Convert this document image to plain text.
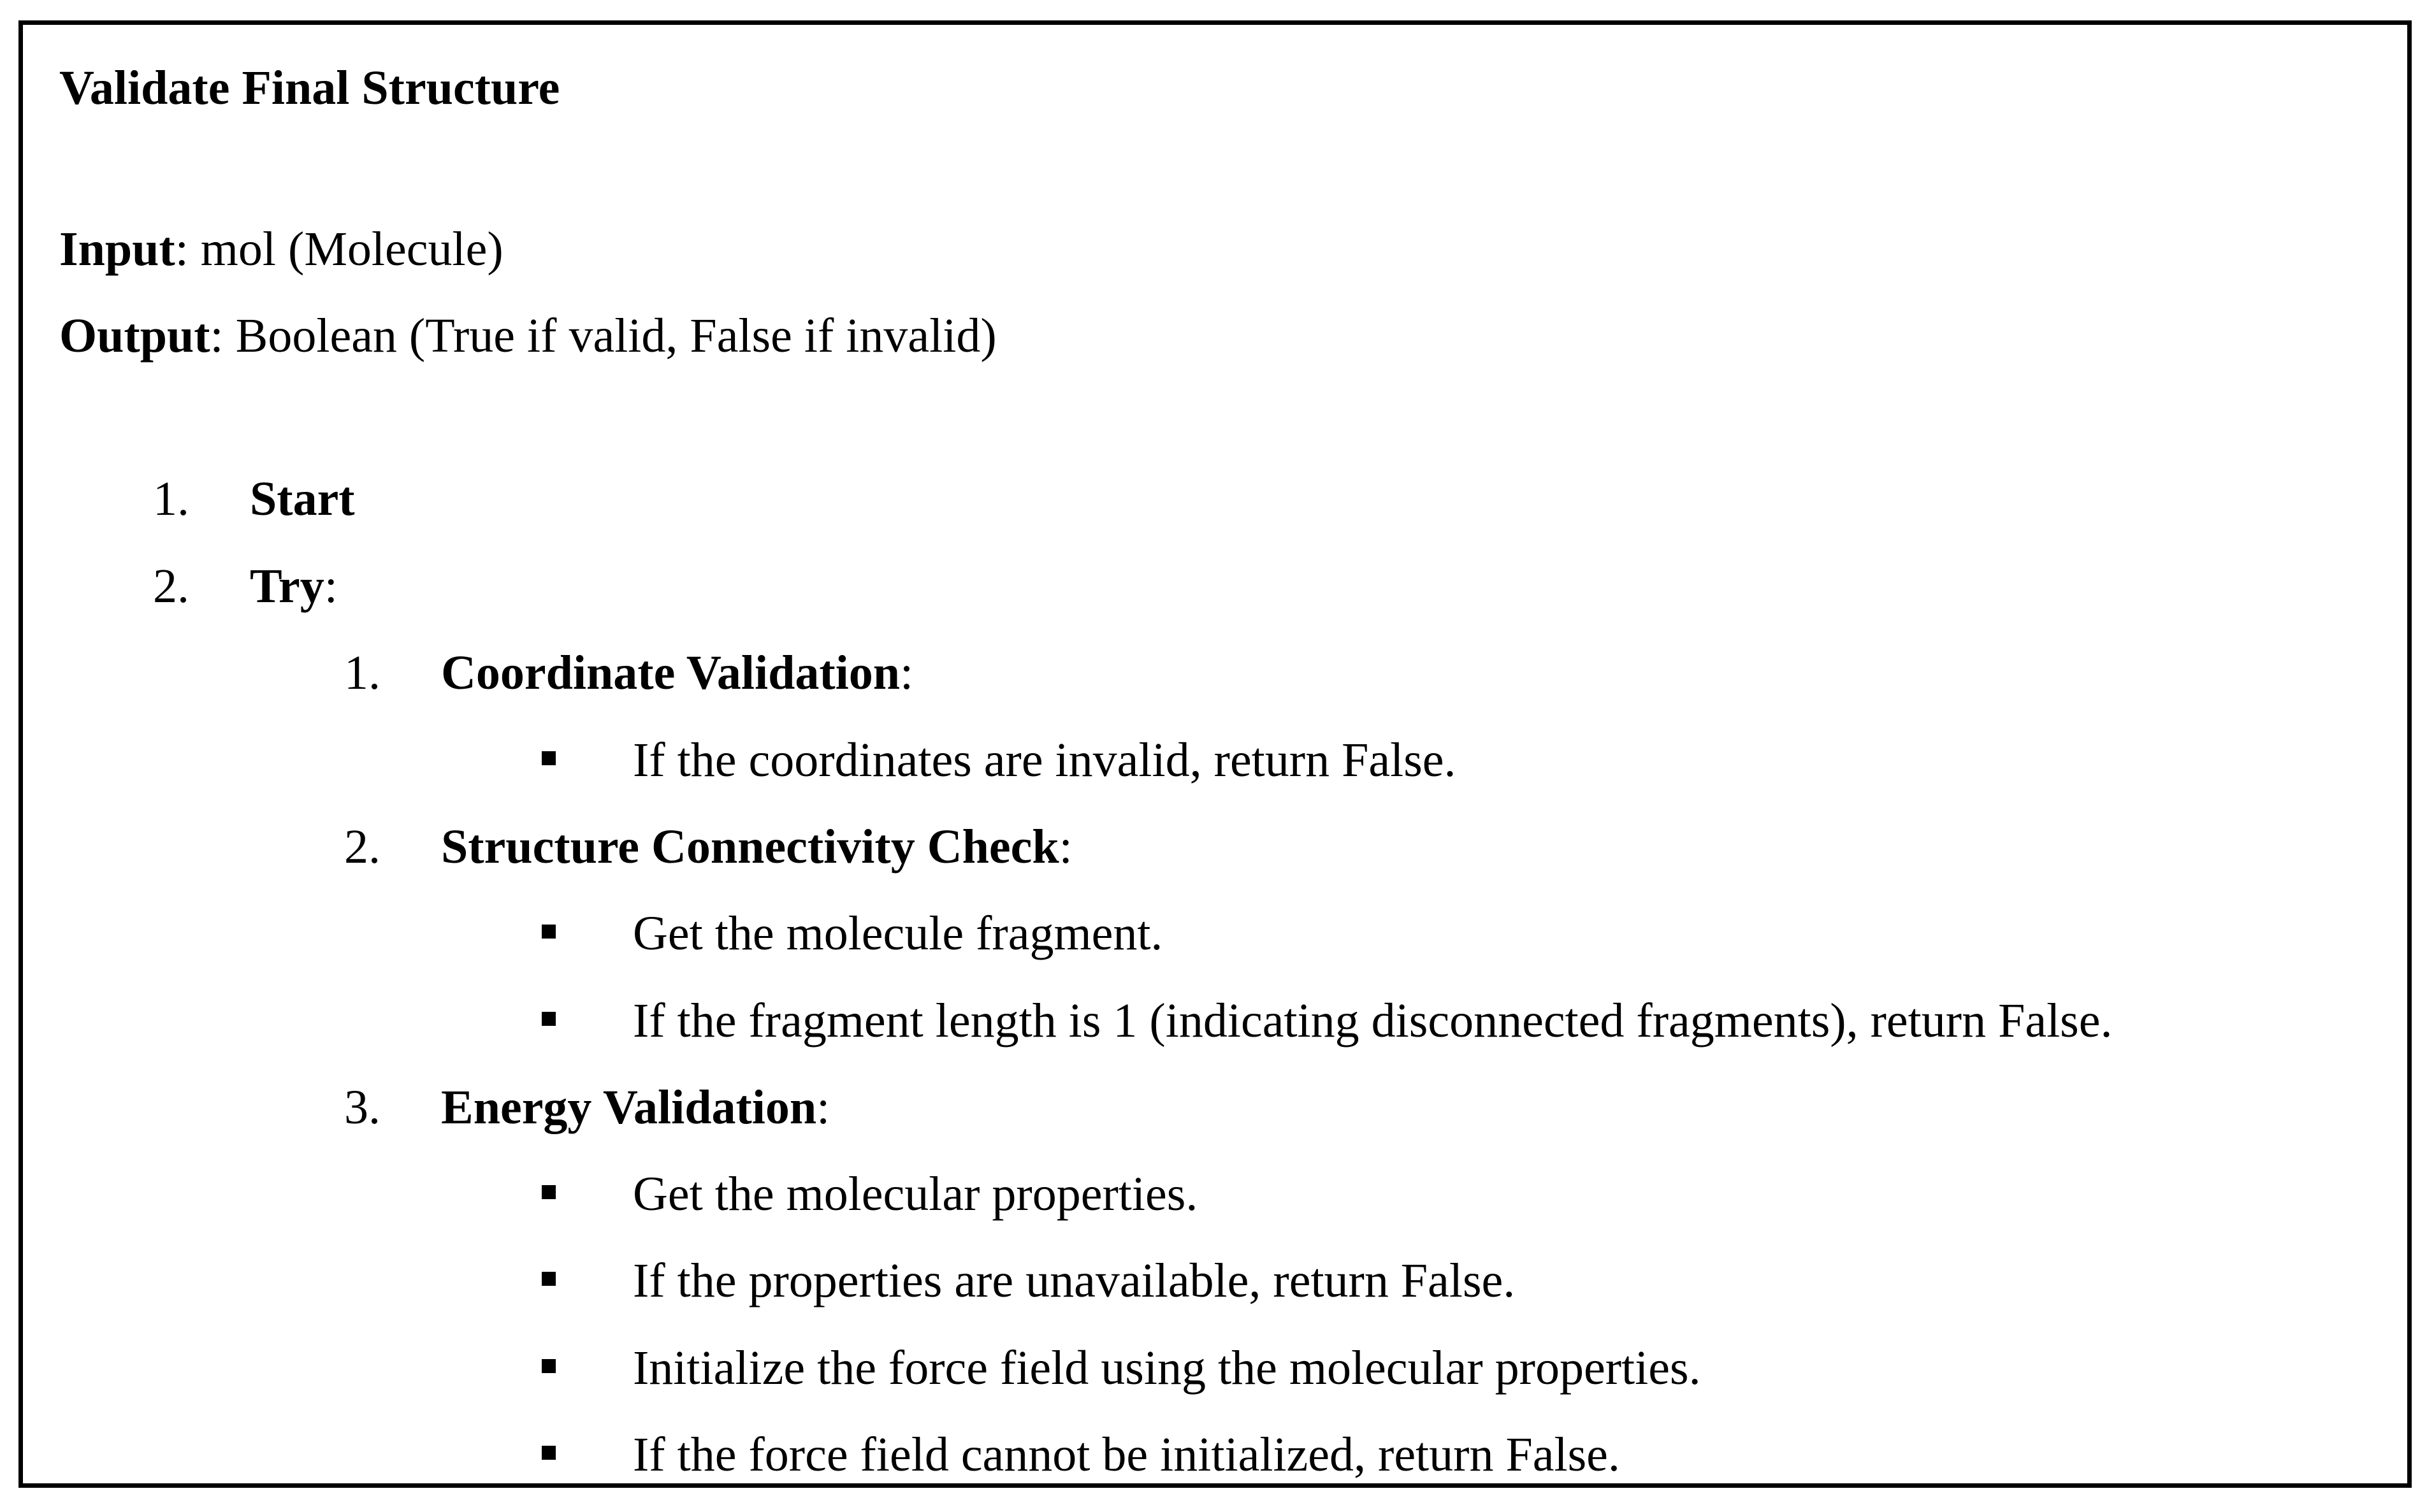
Validate Final Structure
Input: mol (Molecule)
Output: Boolean (True if valid, False if invalid)
1. Start
2. Try:
1. Coordinate Validation:
If the coordinates are invalid, return False.
2. Structure Connectivity Check:
Get the molecule fragment.
If the fragment length is 1 (indicating disconnected fragments), return False.
3. Energy Validation:
Get the molecular properties.
If the properties are unavailable, return False.
Initialize the force field using the molecular properties.
If the force field cannot be initialized, return False.
